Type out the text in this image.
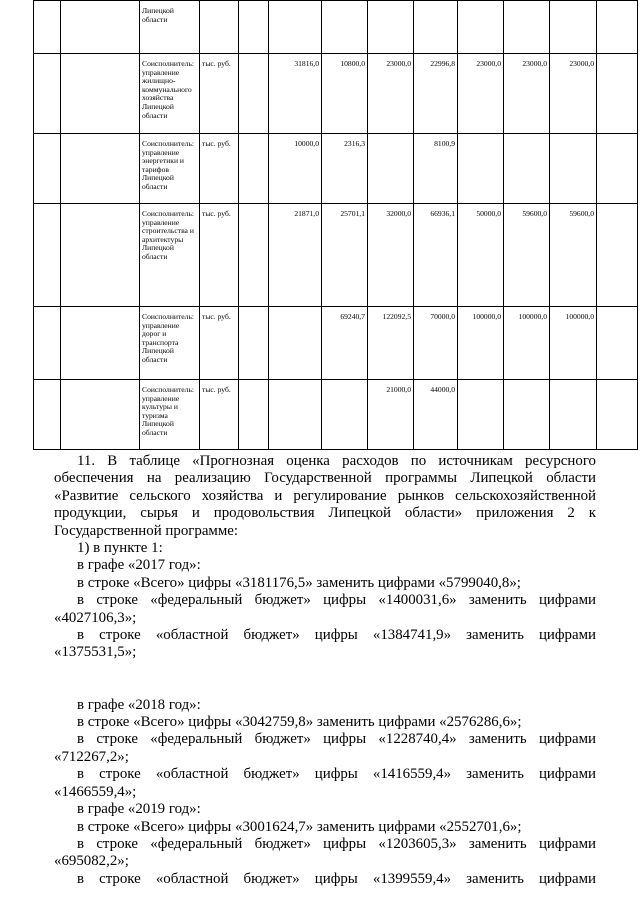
		Липецкой области										
		Соисполнитель: управление жилищно-коммунального хозяйства Липецкой области	тыс. руб.		31816,0	10800,0	23000,0	22996,8	23000,0	23000,0	23000,0	
		Соисполнитель: управление энергетики и тарифов Липецкой области	тыс. руб.		10000,0	2316,3		8100,9				
		Соисполнитель: управление строительства и архитектуры Липецкой области	тыс. руб.		21871,0	25701,1	32000,0	66936,1	50000,0	59600,0	59600,0	
		Соисполнитель: управление дорог и транспорта Липецкой области	тыс. руб.			69240,7	122092,5	70000,0	100000,0	100000,0	100000,0	
		Соисполнитель: управление культуры и туризма Липецкой области	тыс. руб.				21000,0	44000,0				

11. В таблице «Прогнозная оценка расходов по источникам ресурсного

обеспечения на реализацию Государственной программы Липецкой области

«Развитие сельского хозяйства и регулирование рынков сельскохозяйственной

продукции, сырья и продовольствия Липецкой области» приложения 2 к

Государственной программе:

1) в пункте 1:

в графе «2017 год»:

в строке «Всего» цифры «3181176,5» заменить цифрами «5799040,8»;

в строке «федеральный бюджет» цифры «1400031,6» заменить цифрами

«4027106,3»;

в строке «областной бюджет» цифры «1384741,9» заменить цифрами

«1375531,5»;

в графе «2018 год»:

в строке «Всего» цифры «3042759,8» заменить цифрами «2576286,6»;

в строке «федеральный бюджет» цифры «1228740,4» заменить цифрами

«712267,2»;

в строке «областной бюджет» цифры «1416559,4» заменить цифрами

«1466559,4»;

в графе «2019 год»:

в строке «Всего» цифры «3001624,7» заменить цифрами «2552701,6»;

в строке «федеральный бюджет» цифры «1203605,3» заменить цифрами

«695082,2»;

в строке «областной бюджет» цифры «1399559,4» заменить цифрами
